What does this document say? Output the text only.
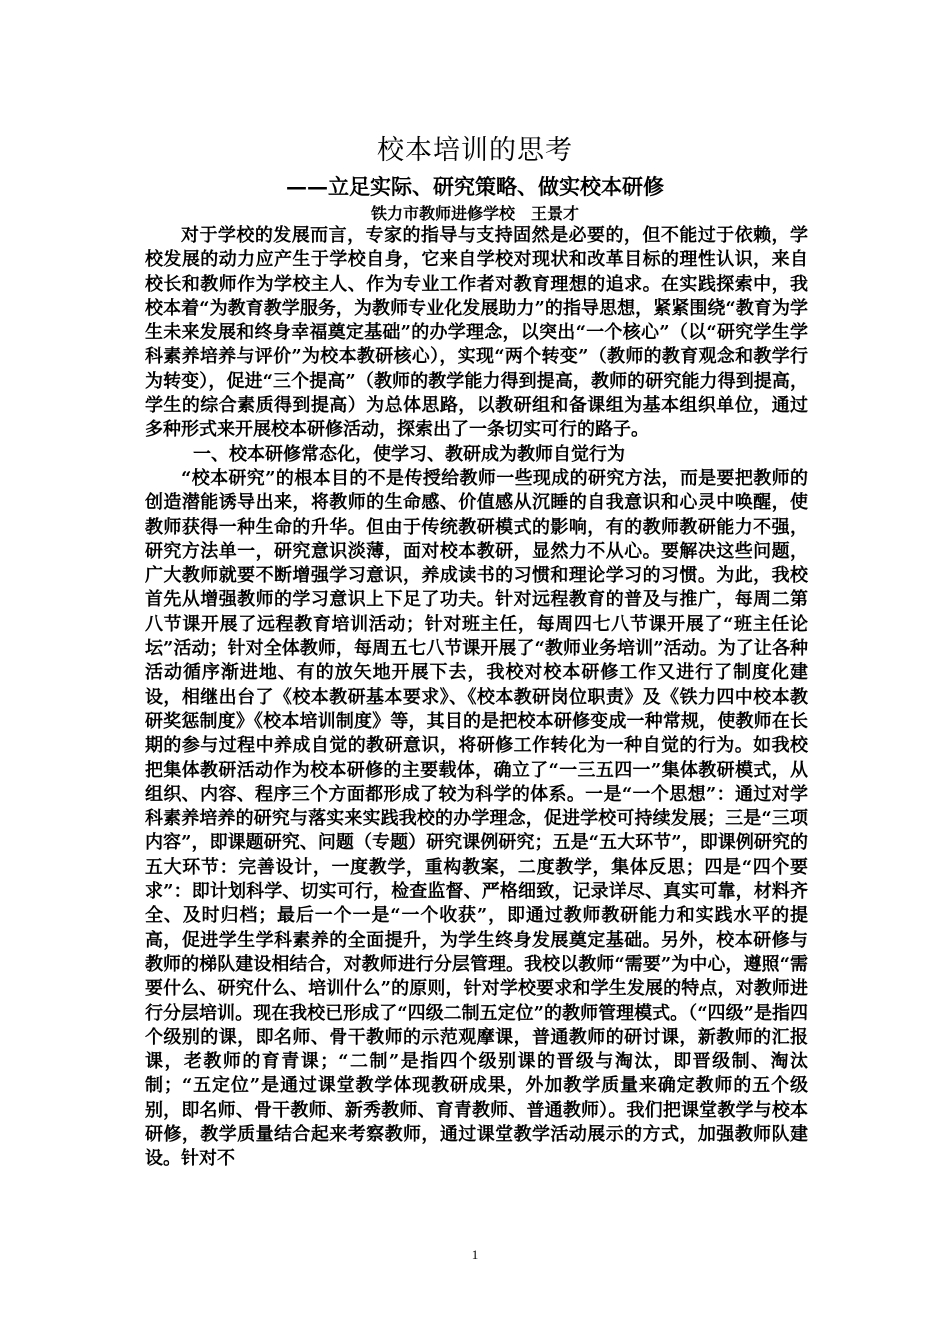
校本培训的思考
——立足实际、研究策略、做实校本研修
铁力市教师进修学校　王景才

对于学校的发展而言，专家的指导与支持固然是必要的，但不能过于依赖，学校发展的动力应产生于学校自身，它来自学校对现状和改革目标的理性认识，来自校长和教师作为学校主人、作为专业工作者对教育理想的追求。在实践探索中，我校本着“为教育教学服务，为教师专业化发展助力”的指导思想，紧紧围绕“教育为学生未来发展和终身幸福奠定基础”的办学理念，以突出“一个核心”（以“研究学生学科素养培养与评价”为校本教研核心），实现“两个转变”（教师的教育观念和教学行为转变），促进“三个提高”（教师的教学能力得到提高，教师的研究能力得到提高，学生的综合素质得到提高）为总体思路，以教研组和备课组为基本组织单位，通过多种形式来开展校本研修活动，探索出了一条切实可行的路子。

一、校本研修常态化，使学习、教研成为教师自觉行为

“校本研究”的根本目的不是传授给教师一些现成的研究方法，而是要把教师的创造潜能诱导出来，将教师的生命感、价值感从沉睡的自我意识和心灵中唤醒，使教师获得一种生命的升华。但由于传统教研模式的影响，有的教师教研能力不强，研究方法单一，研究意识淡薄，面对校本教研，显然力不从心。要解决这些问题，广大教师就要不断增强学习意识，养成读书的习惯和理论学习的习惯。为此，我校首先从增强教师的学习意识上下足了功夫。针对远程教育的普及与推广，每周二第八节课开展了远程教育培训活动；针对班主任，每周四七八节课开展了“班主任论坛”活动；针对全体教师，每周五七八节课开展了“教师业务培训”活动。为了让各种活动循序渐进地、有的放矢地开展下去，我校对校本研修工作又进行了制度化建设，相继出台了《校本教研基本要求》、《校本教研岗位职责》及《铁力四中校本教研奖惩制度》《校本培训制度》等，其目的是把校本研修变成一种常规，使教师在长期的参与过程中养成自觉的教研意识，将研修工作转化为一种自觉的行为。如我校把集体教研活动作为校本研修的主要载体，确立了“一三五四一”集体教研模式，从组织、内容、程序三个方面都形成了较为科学的体系。一是“一个思想”：通过对学科素养培养的研究与落实来实践我校的办学理念，促进学校可持续发展；三是“三项内容”，即课题研究、问题（专题）研究课例研究；五是“五大环节”，即课例研究的五大环节：完善设计，一度教学，重构教案，二度教学，集体反思；四是“四个要求”：即计划科学、切实可行，检查监督、严格细致，记录详尽、真实可靠，材料齐全、及时归档；最后一个一是“一个收获”，即通过教师教研能力和实践水平的提高，促进学生学科素养的全面提升，为学生终身发展奠定基础。另外，校本研修与教师的梯队建设相结合，对教师进行分层管理。我校以教师“需要”为中心，遵照“需要什么、研究什么、培训什么”的原则，针对学校要求和学生发展的特点，对教师进行分层培训。现在我校已形成了“四级二制五定位”的教师管理模式。（“四级”是指四个级别的课，即名师、骨干教师的示范观摩课，普通教师的研讨课，新教师的汇报课，老教师的育青课；“二制”是指四个级别课的晋级与淘汰，即晋级制、淘汰制；“五定位”是通过课堂教学体现教研成果，外加教学质量来确定教师的五个级别，即名师、骨干教师、新秀教师、育青教师、普通教师）。我们把课堂教学与校本研修，教学质量结合起来考察教师，通过课堂教学活动展示的方式，加强教师队建设。针对不

1
